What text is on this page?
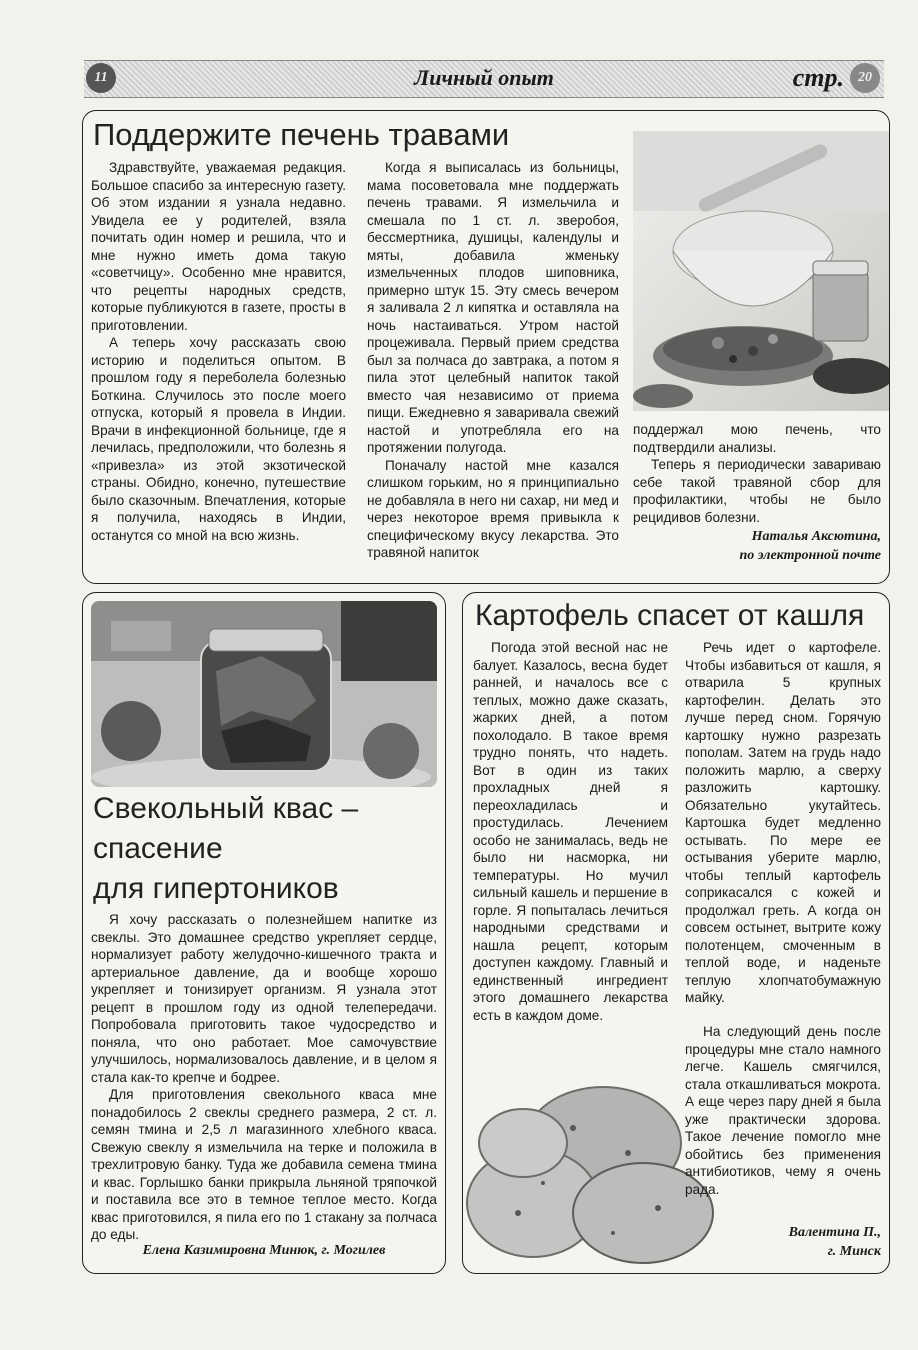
11	Личный опыт	стр.	20
Поддержите печень травами

Здравствуйте, уважаемая редакция. Большое спасибо за интересную газету. Об этом издании я узнала недавно. Увидела ее у родителей, взяла почитать один номер и решила, что и мне нужно иметь дома такую «советчицу». Особенно мне нравится, что рецепты народных средств, которые публикуются в газете, просты в приготовлении.

А теперь хочу рассказать свою историю и поделиться опытом. В прошлом году я переболела болезнью Боткина. Случилось это после моего отпуска, который я провела в Индии. Врачи в инфекционной больнице, где я лечилась, предположили, что болезнь я «привезла» из этой экзотической страны. Обидно, конечно, путешествие было сказочным. Впечатления, которые я получила, находясь в Индии, останутся со мной на всю жизнь.

Когда я выписалась из больницы, мама посоветовала мне поддержать печень травами. Я измельчила и смешала по 1 ст. л. зверобоя, бессмертника, душицы, календулы и мяты, добавила жменьку измельченных плодов шиповника, примерно штук 15. Эту смесь вечером я заливала 2 л кипятка и оставляла на ночь настаиваться. Утром настой процеживала. Первый прием средства был за полчаса до завтрака, а потом я пила этот целебный напиток такой вместо чая независимо от приема пищи. Ежедневно я заваривала свежий настой и употребляла его на протяжении полугода.

Поначалу настой мне казался слишком горьким, но я принципиально не добавляла в него ни сахар, ни мед и через некоторое время привыкла к специфическому вкусу лекарства. Это травяной напиток

поддержал мою печень, что подтвердили анализы.

Теперь я периодически завариваю себе такой травяной сбор для профилактики, чтобы не было рецидивов болезни.

Наталья Аксютина,
по электронной почте
Свекольный квас –
спасение
для гипертоников

Я хочу рассказать о полезнейшем напитке из свеклы. Это домашнее средство укрепляет сердце, нормализует работу желудочно-кишечного тракта и артериальное давление, да и вообще хорошо укрепляет и тонизирует организм. Я узнала этот рецепт в прошлом году из одной телепередачи. Попробовала приготовить такое чудосредство и поняла, что оно работает. Мое самочувствие улучшилось, нормализовалось давление, и в целом я стала как-то крепче и бодрее.

Для приготовления свекольного кваса мне понадобилось 2 свеклы среднего размера, 2 ст. л. семян тмина и 2,5 л магазинного хлебного кваса. Свежую свеклу я измельчила на терке и положила в трехлитровую банку. Туда же добавила семена тмина и квас. Горлышко банки прикрыла льняной тряпочкой и поставила все это в темное теплое место. Когда квас приготовился, я пила его по 1 стакану за полчаса до еды.

Елена Казимировна Минюк, г. Могилев
Картофель спасет от кашля

Погода этой весной нас не балует. Казалось, весна будет ранней, и началось все с теплых, можно даже сказать, жарких дней, а потом похолодало. В такое время трудно понять, что надеть. Вот в один из таких прохладных дней я переохладилась и простудилась. Лечением особо не занималась, ведь не было ни насморка, ни температуры. Но мучил сильный кашель и першение в горле. Я попыталась лечиться народными средствами и нашла рецепт, которым доступен каждому. Главный и единственный ингредиент этого домашнего лекарства есть в каждом доме.

Речь идет о картофеле. Чтобы избавиться от кашля, я отварила 5 крупных картофелин. Делать это лучше перед сном. Горячую картошку нужно разрезать пополам. Затем на грудь надо положить марлю, а сверху разложить картошку. Обязательно укутайтесь. Картошка будет медленно остывать. По мере ее остывания уберите марлю, чтобы теплый картофель соприкасался с кожей и продолжал греть. А когда он совсем остынет, вытрите кожу полотенцем, смоченным в теплой воде, и наденьте теплую хлопчатобумажную майку.

На следующий день после процедуры мне стало намного легче. Кашель смягчился, стала откашливаться мокрота. А еще через пару дней я была уже практически здорова. Такое лечение помогло мне обойтись без применения антибиотиков, чему я очень рада.

Валентина П.,
г. Минск
